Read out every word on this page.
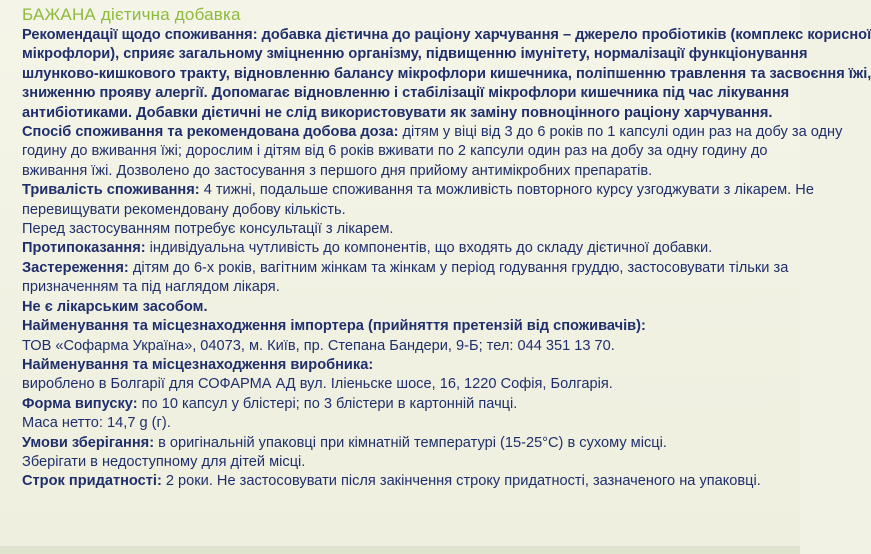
БАЖАНА дієтична добавка
Рекомендації щодо споживання: добавка дієтична до раціону харчування – джерело пробіотиків (комплекс корисної
мікрофлори), сприяє загальному зміцненню організму, підвищенню імунітету, нормалізації функціонування
шлунково-кишкового тракту, відновленню балансу мікрофлори кишечника, поліпшенню травлення та засвоєння їжі,
зниженню прояву алергії. Допомагає відновленню і стабілізації мікрофлори кишечника під час лікування
антибіотиками. Добавки дієтичні не слід використовувати як заміну повноцінного раціону харчування.
Спосіб споживання та рекомендована добова доза: дітям у віці від 3 до 6 років по 1 капсулі один раз на добу за одну
годину до вживання їжі; дорослим і дітям від 6 років вживати по 2 капсули один раз на добу за одну годину до
вживання їжі. Дозволено до застосування з першого дня прийому антимікробних препаратів.
Тривалість споживання: 4 тижні, подальше споживання та можливість повторного курсу узгоджувати з лікарем. Не
перевищувати рекомендовану добову кількість.
Перед застосуванням потребує консультації з лікарем.
Протипоказання: індивідуальна чутливість до компонентів, що входять до складу дієтичної добавки.
Застереження: дітям до 6-х років, вагітним жінкам та жінкам у період годування груддю, застосовувати тільки за
призначенням та під наглядом лікаря.
Не є лікарським засобом.
Найменування та місцезнаходження імпортера (прийняття претензій від споживачів):
ТОВ «Софарма Україна», 04073, м. Київ, пр. Степана Бандери, 9-Б; тел: 044 351 13 70.
Найменування та місцезнаходження виробника:
вироблено в Болгарії для СОФАРМА АД вул. Іліеньске шосе, 16, 1220 Софія, Болгарія.
Форма випуску: по 10 капсул у блістері; по 3 блістери в картонній пачці.
Маса нетто: 14,7 g (г).
Умови зберігання: в оригінальній упаковці при кімнатній температурі (15-25°С) в сухому місці.
Зберігати в недоступному для дітей місці.
Строк придатності: 2 роки. Не застосовувати після закінчення строку придатності, зазначеного на упаковці.
